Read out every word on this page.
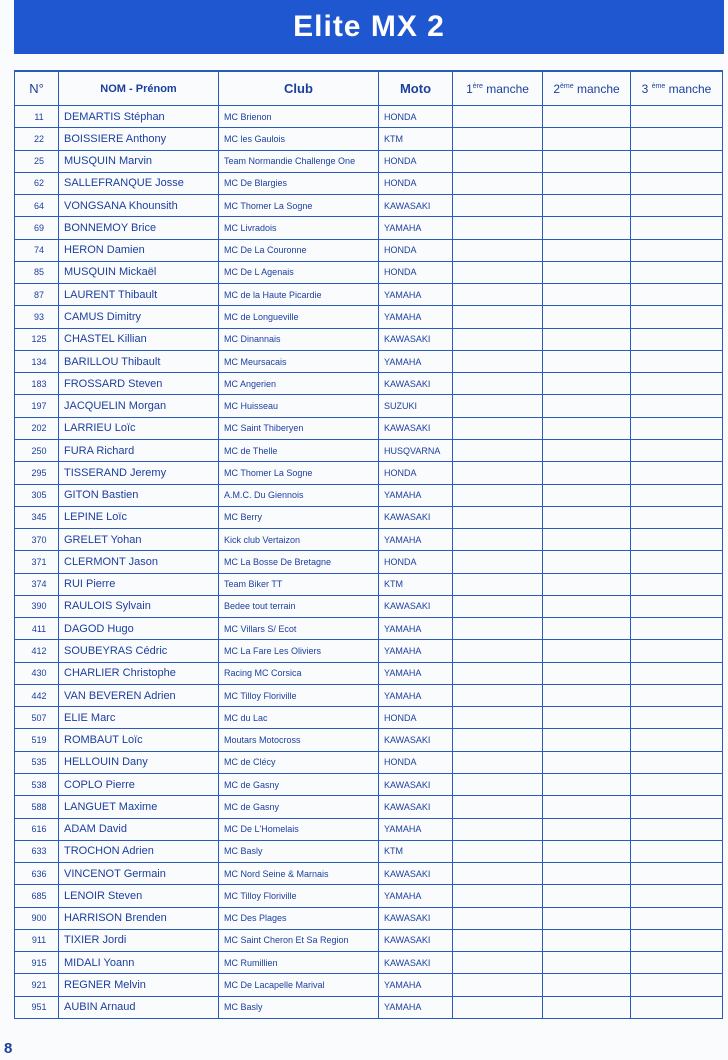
Elite MX 2
N°	NOM - Prénom	Club	Moto	1ère manche	2ème manche	3 $^{ème}$ manche
11	DEMARTIS Stéphan	MC Brienon	HONDA			
22	BOISSIERE Anthony	MC les Gaulois	KTM			
25	MUSQUIN Marvin	Team Normandie Challenge One	HONDA			
62	SALLEFRANQUE Josse	MC De Blargies	HONDA			
64	VONGSANA Khounsith	MC Thomer La Sogne	KAWASAKI			
69	BONNEMOY Brice	MC Livradois	YAMAHA			
74	HERON Damien	MC De La Couronne	HONDA			
85	MUSQUIN Mickaël	MC De L Agenais	HONDA			
87	LAURENT Thibault	MC de la Haute Picardie	YAMAHA			
93	CAMUS Dimitry	MC de Longueville	YAMAHA			
125	CHASTEL Killian	MC Dinannais	KAWASAKI			
134	BARILLOU Thibault	MC Meursacais	YAMAHA			
183	FROSSARD Steven	MC Angerien	KAWASAKI			
197	JACQUELIN Morgan	MC Huisseau	SUZUKI			
202	LARRIEU Loïc	MC Saint Thiberyen	KAWASAKI			
250	FURA Richard	MC de Thelle	HUSQVARNA			
295	TISSERAND Jeremy	MC Thomer La Sogne	HONDA			
305	GITON Bastien	A.M.C. Du Giennois	YAMAHA			
345	LEPINE Loïc	MC Berry	KAWASAKI			
370	GRELET Yohan	Kick club Vertaizon	YAMAHA			
371	CLERMONT Jason	MC La Bosse De Bretagne	HONDA			
374	RUI Pierre	Team Biker TT	KTM			
390	RAULOIS Sylvain	Bedee tout terrain	KAWASAKI			
411	DAGOD Hugo	MC Villars S/ Ecot	YAMAHA			
412	SOUBEYRAS Cédric	MC La Fare Les Oliviers	YAMAHA			
430	CHARLIER Christophe	Racing MC Corsica	YAMAHA			
442	VAN BEVEREN Adrien	MC Tilloy Floriville	YAMAHA			
507	ELIE Marc	MC du Lac	HONDA			
519	ROMBAUT Loïc	Moutars Motocross	KAWASAKI			
535	HELLOUIN Dany	MC de Clécy	HONDA			
538	COPLO Pierre	MC de Gasny	KAWASAKI			
588	LANGUET Maxime	MC de Gasny	KAWASAKI			
616	ADAM David	MC De L'Homelais	YAMAHA			
633	TROCHON Adrien	MC Basly	KTM			
636	VINCENOT Germain	MC Nord Seine & Marnais	KAWASAKI			
685	LENOIR Steven	MC Tilloy Floriville	YAMAHA			
900	HARRISON Brenden	MC Des Plages	KAWASAKI			
911	TIXIER Jordi	MC Saint Cheron Et Sa Region	KAWASAKI			
915	MIDALI Yoann	MC Rumillien	KAWASAKI			
921	REGNER Melvin	MC De Lacapelle Marival	YAMAHA			
951	AUBIN Arnaud	MC Basly	YAMAHA			
8
